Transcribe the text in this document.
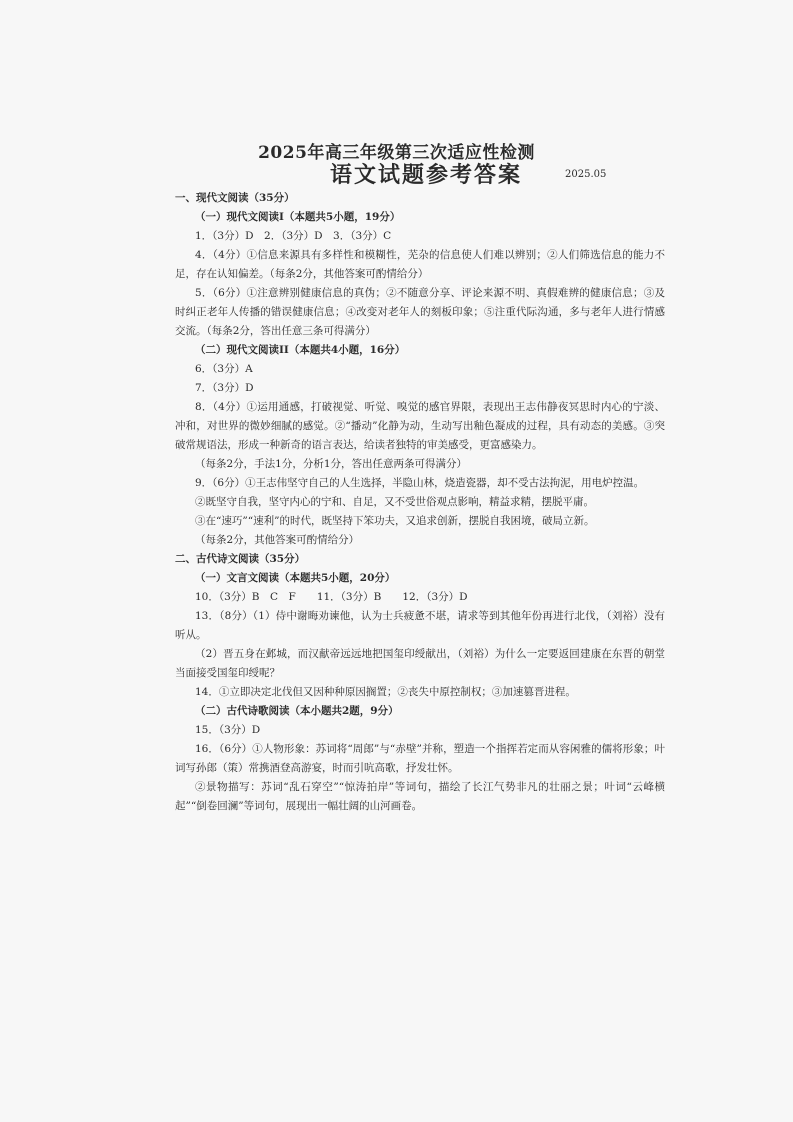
2025年高三年级第三次适应性检测
语文试题参考答案	2025.05

一、现代文阅读（35分）

（一）现代文阅读I（本题共5小题，19分）

1．（3分）D　2．（3分）D　3．（3分）C

4．（4分）①信息来源具有多样性和模糊性，芜杂的信息使人们难以辨别；②人们筛选信息的能力不足，存在认知偏差。（每条2分，其他答案可酌情给分）

5．（6分）①注意辨别健康信息的真伪；②不随意分享、评论来源不明、真假难辨的健康信息；③及时纠正老年人传播的错误健康信息；④改变对老年人的刻板印象；⑤注重代际沟通，多与老年人进行情感交流。（每条2分，答出任意三条可得满分）

（二）现代文阅读II（本题共4小题，16分）

6．（3分）A

7．（3分）D

8．（4分）①运用通感，打破视觉、听觉、嗅觉的感官界限，表现出王志伟静夜冥思时内心的宁淡、冲和，对世界的微妙细腻的感觉。②“播动”化静为动，生动写出釉色凝成的过程，具有动态的美感。③突破常规语法，形成一种新奇的语言表达，给读者独特的审美感受，更富感染力。

（每条2分，手法1分，分析1分，答出任意两条可得满分）

9．（6分）①王志伟坚守自己的人生选择，半隐山林，烧造瓷器，却不受古法拘泥，用电炉控温。

②既坚守自我，坚守内心的宁和、自足，又不受世俗观点影响，精益求精，摆脱平庸。

③在“速巧”“速利”的时代，既坚持下笨功夫，又追求创新，摆脱自我困境，破局立新。

（每条2分，其他答案可酌情给分）

二、古代诗文阅读（35分）

（一）文言文阅读（本题共5小题，20分）

10．（3分）B　C　F　　11．（3分）B　　12．（3分）D

13．（8分）（1）侍中谢晦劝谏他，认为士兵疲惫不堪，请求等到其他年份再进行北伐，（刘裕）没有听从。

（2）晋五身在邺城，而汉献帝远远地把国玺印绶献出，（刘裕）为什么一定要返回建康在东晋的朝堂当面接受国玺印绶呢？

14．①立即决定北伐但又因种种原因搁置；②丧失中原控制权；③加速篡晋进程。

（二）古代诗歌阅读（本小题共2题，9分）

15．（3分）D

16．（6分）①人物形象：苏词将“周郎”与“赤壁”并称，塑造一个指挥若定而从容闲雅的儒将形象；叶词写孙郎（策）常携酒登高游宴，时而引吭高歌，抒发壮怀。

②景物描写：苏词“乱石穿空”“惊涛拍岸”等词句，描绘了长江气势非凡的壮丽之景；叶词“云峰横起”“倒卷回澜”等词句，展现出一幅壮阔的山河画卷。
